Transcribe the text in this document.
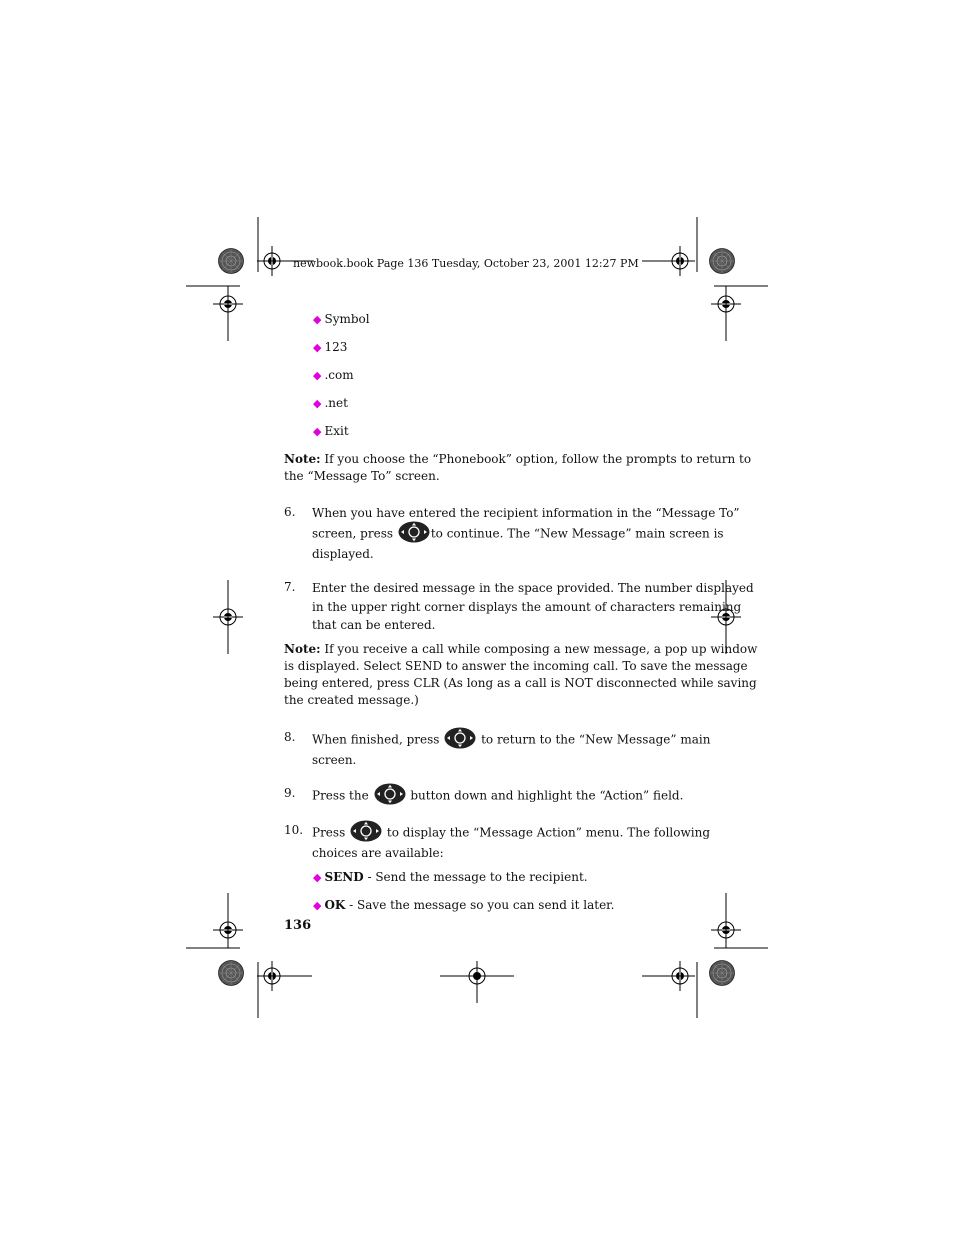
newbook.book Page 136 Tuesday, October 23, 2001 12:27 PM
◆ Symbol
◆ 123
◆ .com
◆ .net
◆ Exit
Note: If you choose the “Phonebook” option, follow the prompts to return to
the “Message To” screen.
6. When you have entered the recipient information in the “Message To”
screen, press	to continue. The “New Message” main screen is
displayed.
7. Enter the desired message in the space provided. The number displayed
in the upper right corner displays the amount of characters remaining
that can be entered.
Note: If you receive a call while composing a new message, a pop up window
is displayed. Select SEND to answer the incoming call. To save the message
being entered, press CLR (As long as a call is NOT disconnected while saving
the created message.)
8. When finished, press	to return to the “New Message” main
screen.
9. Press the	button down and highlight the “Action” field.
10. Press	to display the “Message Action” menu. The following
choices are available:
◆ SEND - Send the message to the recipient.
◆ OK - Save the message so you can send it later.
136
